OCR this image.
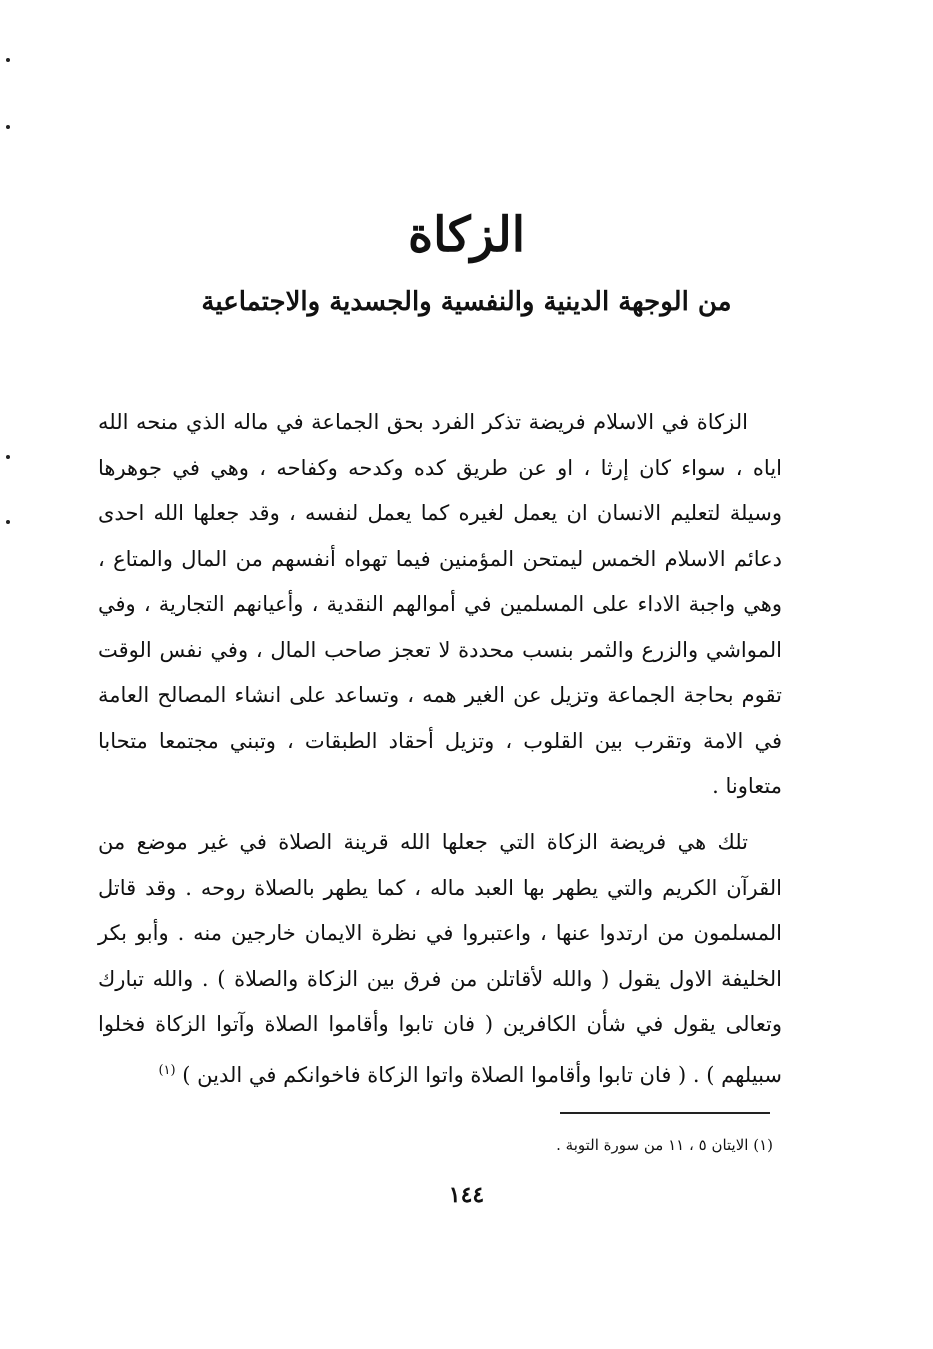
الزكاة
من الوجهة الدينية والنفسية والجسدية والاجتماعية

الزكاة في الاسلام فريضة تذكر الفرد بحق الجماعة في ماله الذي منحه الله اياه ، سواء كان إرثا ، او عن طريق كده وكدحه وكفاحه ، وهي في جوهرها وسيلة لتعليم الانسان ان يعمل لغيره كما يعمل لنفسه ، وقد جعلها الله احدى دعائم الاسلام الخمس ليمتحن المؤمنين فيما تهواه أنفسهم من المال والمتاع ، وهي واجبة الاداء على المسلمين في أموالهم النقدية ، وأعيانهم التجارية ، وفي المواشي والزرع والثمر بنسب محددة لا تعجز صاحب المال ، وفي نفس الوقت تقوم بحاجة الجماعة وتزيل عن الغير همه ، وتساعد على انشاء المصالح العامة في الامة وتقرب بين القلوب ، وتزيل أحقاد الطبقات ، وتبني مجتمعا متحابا متعاونا .

تلك هي فريضة الزكاة التي جعلها الله قرينة الصلاة في غير موضع من القرآن الكريم والتي يطهر بها العبد ماله ، كما يطهر بالصلاة روحه . وقد قاتل المسلمون من ارتدوا عنها ، واعتبروا في نظرة الايمان خارجين منه . وأبو بكر الخليفة الاول يقول ( والله لأقاتلن من فرق بين الزكاة والصلاة ) . والله تبارك وتعالى يقول في شأن الكافرين ( فان تابوا وأقاموا الصلاة وآتوا الزكاة فخلوا سبيلهم ) . ( فان تابوا وأقاموا الصلاة واتوا الزكاة فاخوانكم في الدين ) $^{(١)}$

(١) الايتان ٥ ، ١١ من سورة التوبة .
١٤٤
